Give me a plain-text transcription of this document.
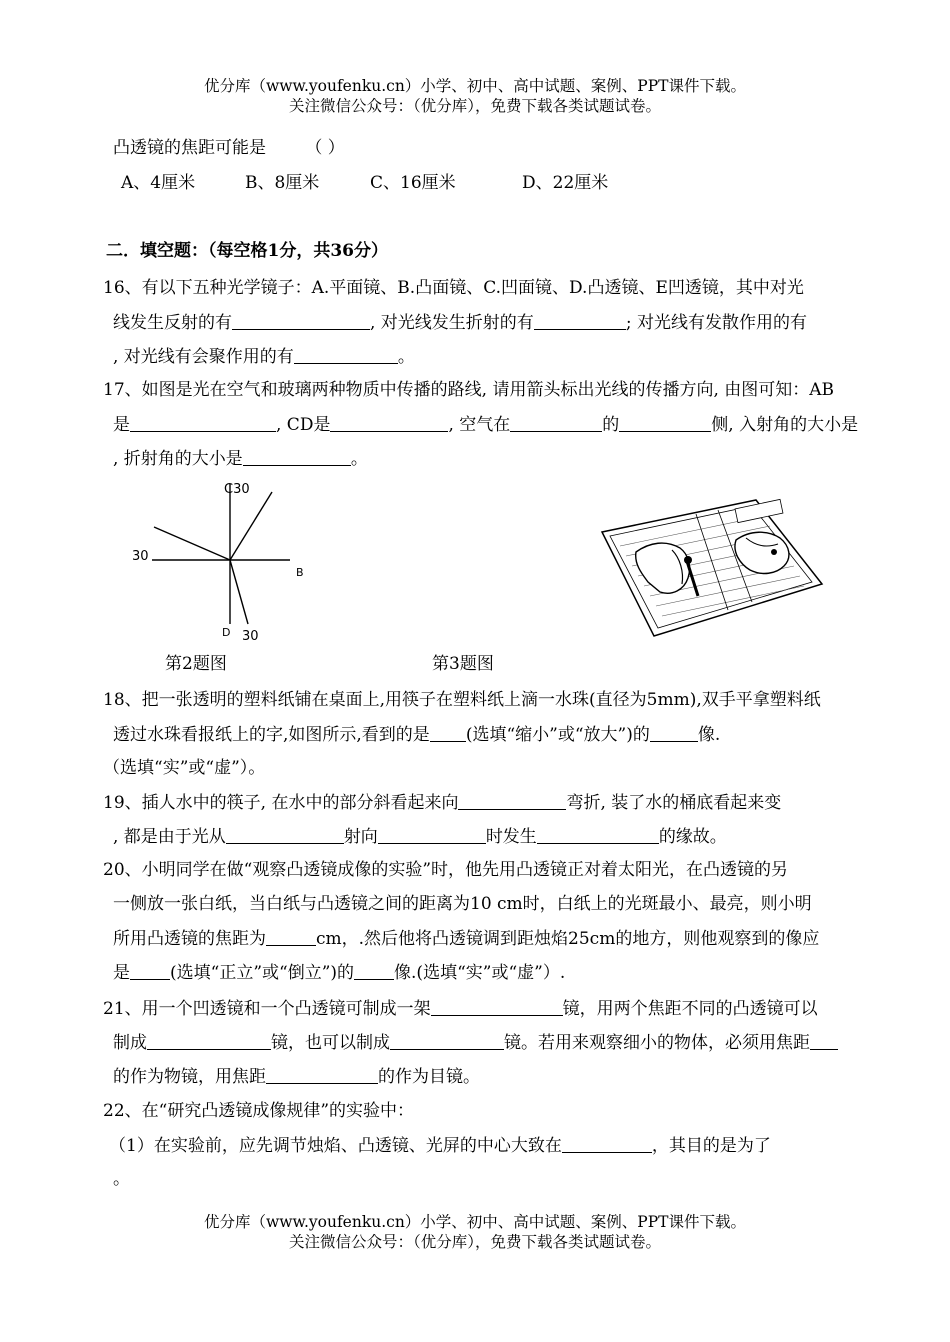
优分库（www.youfenku.cn）小学、初中、高中试题、案例、PPT课件下载。
关注微信公众号：（优分库），免费下载各类试题试卷。
凸透镜的焦距可能是 （ ）
A、4厘米	B、8厘米	C、16厘米	D、22厘米
二．填空题：（每空格1分，共36分）
16、有以下五种光学镜子：A.平面镜、B.凸面镜、C.凹面镜、D.凸透镜、E凹透镜，其中对光
线发生反射的有	, 对光线发生折射的有	; 对光线有发散作用的有
, 对光线有会聚作用的有	。
17、如图是光在空气和玻璃两种物质中传播的路线, 请用箭头标出光线的传播方向, 由图可知：AB
是	, CD是	, 空气在	的	侧, 入射角的大小是
, 折射角的大小是	。
C30
30
B
D 30
第2题图	第3题图
18、把一张透明的塑料纸铺在桌面上,用筷子在塑料纸上滴一水珠(直径为5mm),双手平拿塑料纸
透过水珠看报纸上的字,如图所示,看到的是 (选填“缩小”或“放大”)的	像.
（选填“实”或“虚”）。
19、插人水中的筷子, 在水中的部分斜看起来向	弯折, 装了水的桶底看起来变
, 都是由于光从	射向	时发生	的缘故。
20、小明同学在做“观察凸透镜成像的实验”时，他先用凸透镜正对着太阳光，在凸透镜的另
一侧放一张白纸，当白纸与凸透镜之间的距离为10 cm时，白纸上的光斑最小、最亮，则小明
所用凸透镜的焦距为	cm，.然后他将凸透镜调到距烛焰25cm的地方，则他观察到的像应
是 (选填“正立”或“倒立”)的 像.(选填“实”或“虚”）.
21、用一个凹透镜和一个凸透镜可制成一架	镜，用两个焦距不同的凸透镜可以
制成	镜，也可以制成	镜。若用来观察细小的物体，必须用焦距
的作为物镜，用焦距	的作为目镜。
22、在“研究凸透镜成像规律”的实验中：
（1）在实验前，应先调节烛焰、凸透镜、光屏的中心大致在	，其目的是为了
。
优分库（www.youfenku.cn）小学、初中、高中试题、案例、PPT课件下载。
关注微信公众号：（优分库），免费下载各类试题试卷。
